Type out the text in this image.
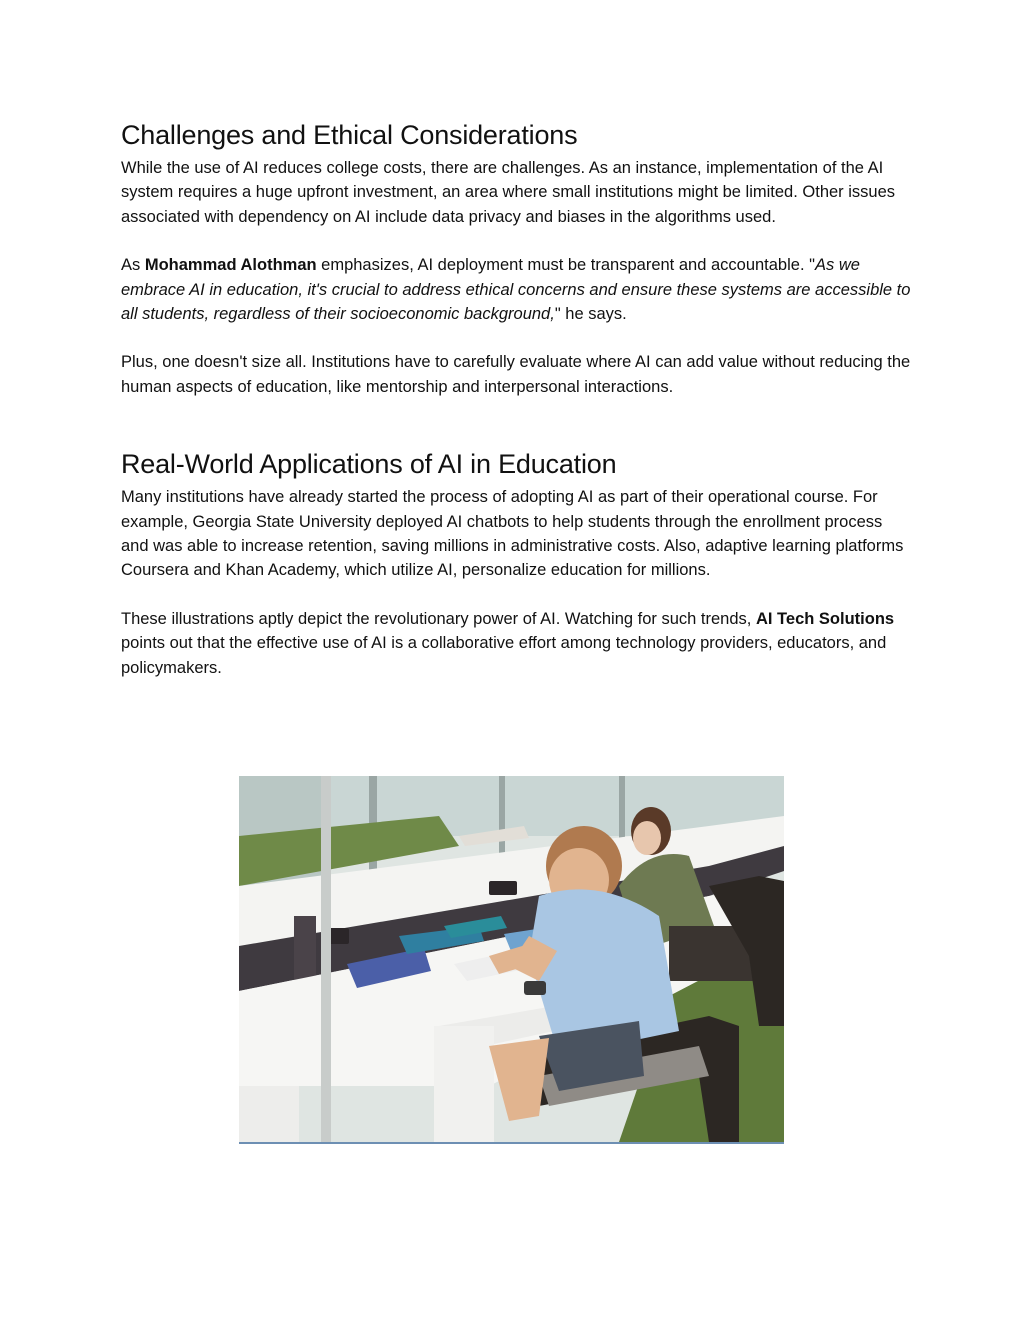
Challenges and Ethical Considerations

While the use of AI reduces college costs, there are challenges. As an instance, implementation of the AI system requires a huge upfront investment, an area where small institutions might be limited. Other issues associated with dependency on AI include data privacy and biases in the algorithms used.

As Mohammad Alothman emphasizes, AI deployment must be transparent and accountable. "As we embrace AI in education, it's crucial to address ethical concerns and ensure these systems are accessible to all students, regardless of their socioeconomic background," he says.

Plus, one doesn't size all. Institutions have to carefully evaluate where AI can add value without reducing the human aspects of education, like mentorship and interpersonal interactions.

Real-World Applications of AI in Education

Many institutions have already started the process of adopting AI as part of their operational course. For example, Georgia State University deployed AI chatbots to help students through the enrollment process and was able to increase retention, saving millions in administrative costs. Also, adaptive learning platforms Coursera and Khan Academy, which utilize AI, personalize education for millions.

These illustrations aptly depict the revolutionary power of AI. Watching for such trends, AI Tech Solutions points out that the effective use of AI is a collaborative effort among technology providers, educators, and policymakers.
